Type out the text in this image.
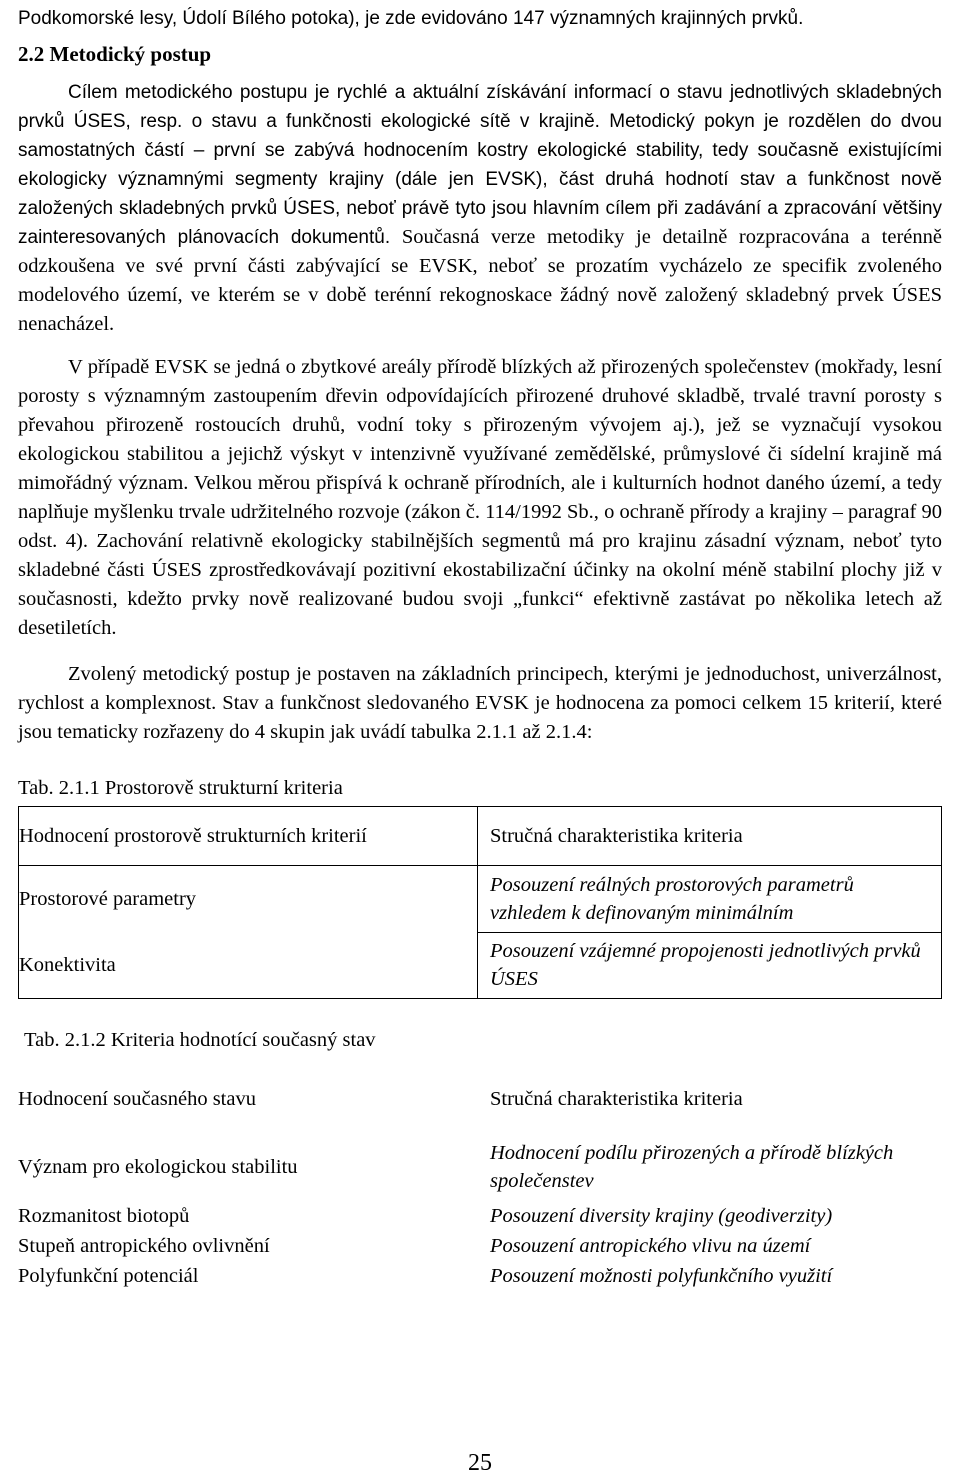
Podkomorské lesy, Údolí Bílého potoka), je zde evidováno 147 významných krajinných prvků.

2.2 Metodický postup

Cílem metodického postupu je rychlé a aktuální získávání informací o stavu jednotlivých skladebných prvků ÚSES, resp. o stavu a funkčnosti ekologické sítě v krajině. Metodický pokyn je rozdělen do dvou samostatných částí – první se zabývá hodnocením kostry ekologické stability, tedy současně existujícími ekologicky významnými segmenty krajiny (dále jen EVSK), část druhá hodnotí stav a funkčnost nově založených skladebných prvků ÚSES, neboť právě tyto jsou hlavním cílem při zadávání a zpracování většiny zainteresovaných plánovacích dokumentů. Současná verze metodiky je detailně rozpracována a terénně odzkoušena ve své první části zabývající se EVSK, neboť se prozatím vycházelo ze specifik zvoleného modelového území, ve kterém se v době terénní rekognoskace žádný nově založený skladebný prvek ÚSES nenacházel.

V případě EVSK se jedná o zbytkové areály přírodě blízkých až přirozených společenstev (mokřady, lesní porosty s významným zastoupením dřevin odpovídajících přirozené druhové skladbě, trvalé travní porosty s převahou přirozeně rostoucích druhů, vodní toky s přirozeným vývojem aj.), jež se vyznačují vysokou ekologickou stabilitou a jejichž výskyt v intenzivně využívané zemědělské, průmyslové či sídelní krajině má mimořádný význam. Velkou měrou přispívá k ochraně přírodních, ale i kulturních hodnot daného území, a tedy naplňuje myšlenku trvale udržitelného rozvoje (zákon č. 114/1992 Sb., o ochraně přírody a krajiny – paragraf 90 odst. 4). Zachování relativně ekologicky stabilnějších segmentů má pro krajinu zásadní význam, neboť tyto skladebné části ÚSES zprostředkovávají pozitivní ekostabilizační účinky na okolní méně stabilní plochy již v současnosti, kdežto prvky nově realizované budou svoji „funkci“ efektivně zastávat po několika letech až desetiletích.

Zvolený metodický postup je postaven na základních principech, kterými je jednoduchost, univerzálnost, rychlost a komplexnost. Stav a funkčnost sledovaného EVSK je hodnocena za pomoci celkem 15 kriterií, které jsou tematicky rozřazeny do 4 skupin jak uvádí tabulka 2.1.1 až 2.1.4:

Tab. 2.1.1 Prostorově strukturní kriteria

Hodnocení prostorově strukturních kriterií	Stručná charakteristika kriteria
Prostorové parametry	Posouzení reálných prostorových parametrů vzhledem k definovaným minimálním
Konektivita	Posouzení vzájemné propojenosti jednotlivých prvků ÚSES

Tab. 2.1.2 Kriteria hodnotící současný stav

Hodnocení současného stavu	Stručná charakteristika kriteria
Význam pro ekologickou stabilitu	Hodnocení podílu přirozených a přírodě blízkých společenstev
Rozmanitost biotopů	Posouzení diversity krajiny (geodiverzity)
Stupeň antropického ovlivnění	Posouzení antropického vlivu na území
Polyfunkční potenciál	Posouzení možnosti polyfunkčního využití
25
